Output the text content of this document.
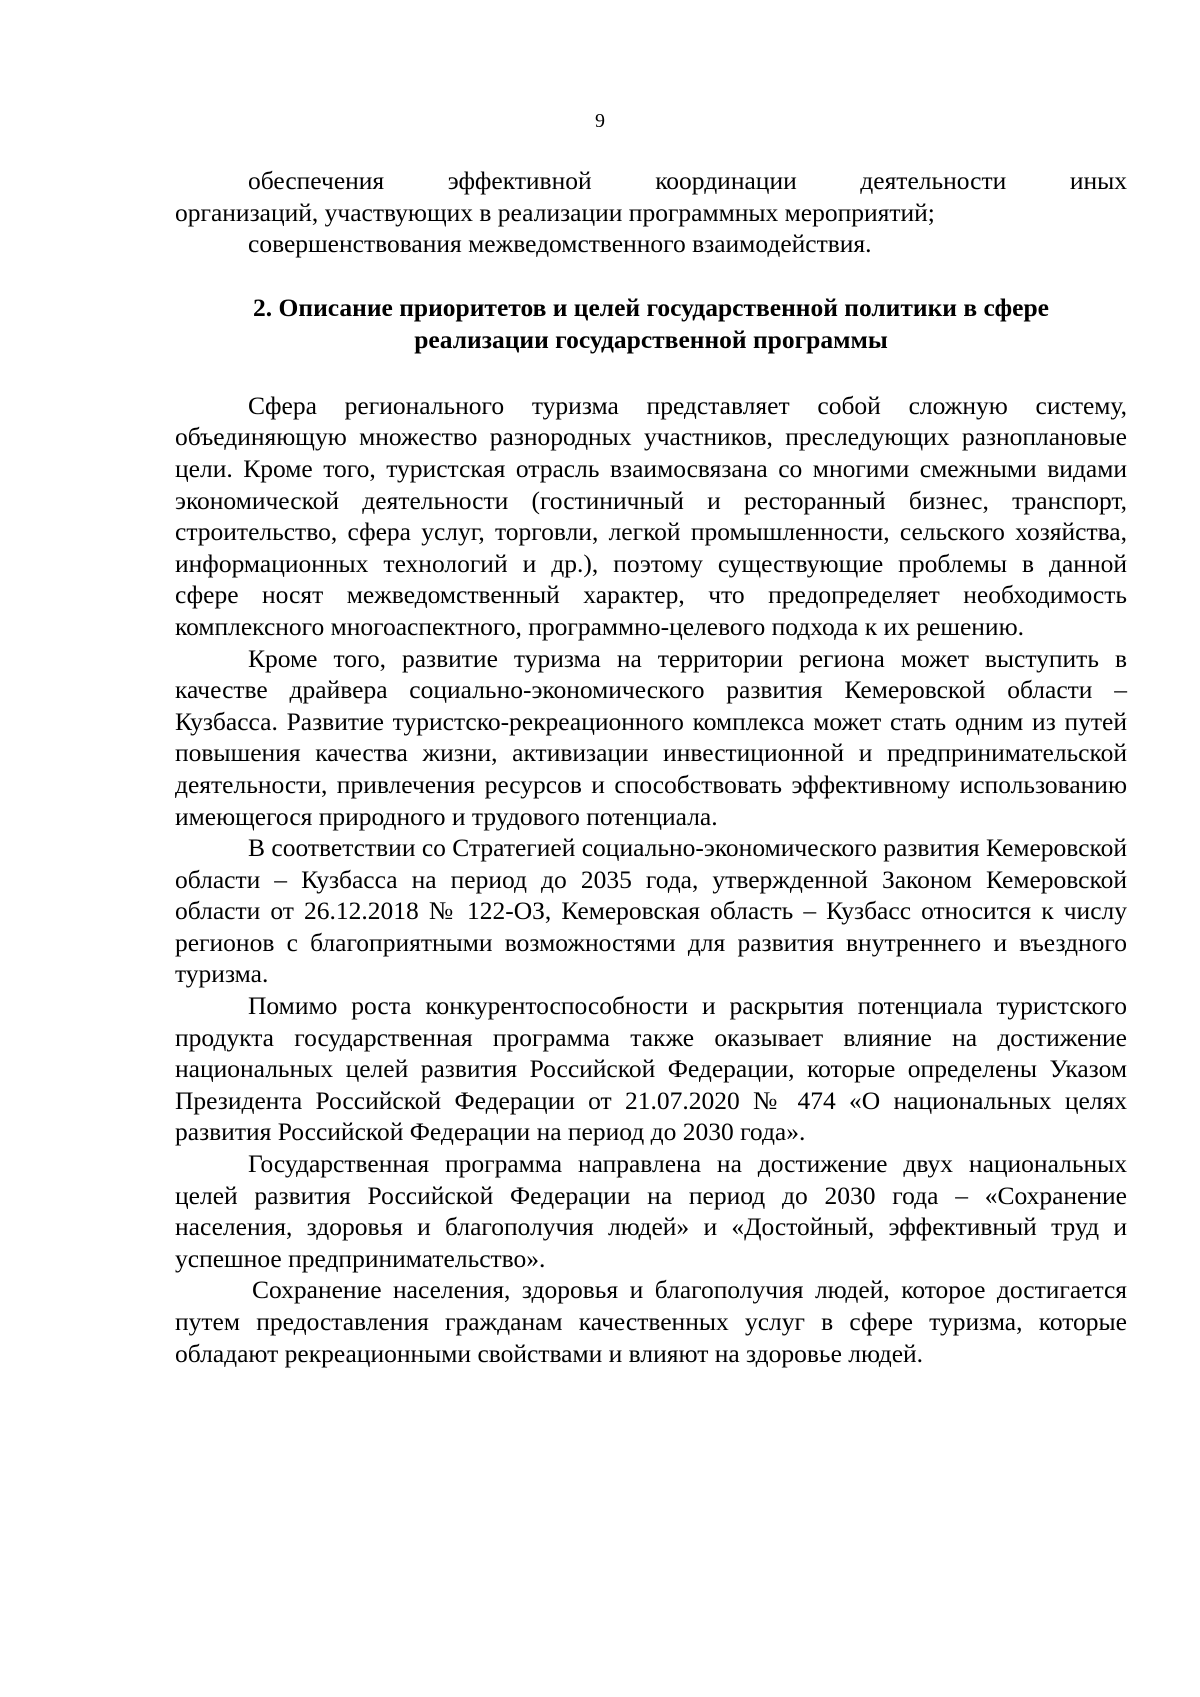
9

обеспечения эффективной координации деятельности иных
организаций, участвующих в реализации программных мероприятий;

совершенствования межведомственного взаимодействия.

2. Описание приоритетов и целей государственной политики в сфере
реализации государственной программы

Сфера регионального туризма представляет собой сложную систему, объединяющую множество разнородных участников, преследующих разноплановые цели. Кроме того, туристская отрасль взаимосвязана со многими смежными видами экономической деятельности (гостиничный и ресторанный бизнес, транспорт, строительство, сфера услуг, торговли, легкой промышленности, сельского хозяйства, информационных технологий и др.), поэтому существующие проблемы в данной сфере носят межведомственный характер, что предопределяет необходимость комплексного многоаспектного, программно-целевого подхода к их решению.

Кроме того, развитие туризма на территории региона может выступить в качестве драйвера социально-экономического развития Кемеровской области – Кузбасса. Развитие туристско-рекреационного комплекса может стать одним из путей повышения качества жизни, активизации инвестиционной и предпринимательской деятельности, привлечения ресурсов и способствовать эффективному использованию имеющегося природного и трудового потенциала.

В соответствии со Стратегией социально-экономического развития Кемеровской области – Кузбасса на период до 2035 года, утвержденной Законом Кемеровской области от 26.12.2018 № 122-ОЗ, Кемеровская область – Кузбасс относится к числу регионов с благоприятными возможностями для развития внутреннего и въездного туризма.

Помимо роста конкурентоспособности и раскрытия потенциала туристского продукта государственная программа также оказывает влияние на достижение национальных целей развития Российской Федерации, которые определены Указом Президента Российской Федерации от 21.07.2020 № 474 «О национальных целях развития Российской Федерации на период до 2030 года».

Государственная программа направлена на достижение двух национальных целей развития Российской Федерации на период до 2030 года – «Сохранение населения, здоровья и благополучия людей» и «Достойный, эффективный труд и успешное предпринимательство».

Сохранение населения, здоровья и благополучия людей, которое достигается путем предоставления гражданам качественных услуг в сфере туризма, которые обладают рекреационными свойствами и влияют на здоровье людей.
